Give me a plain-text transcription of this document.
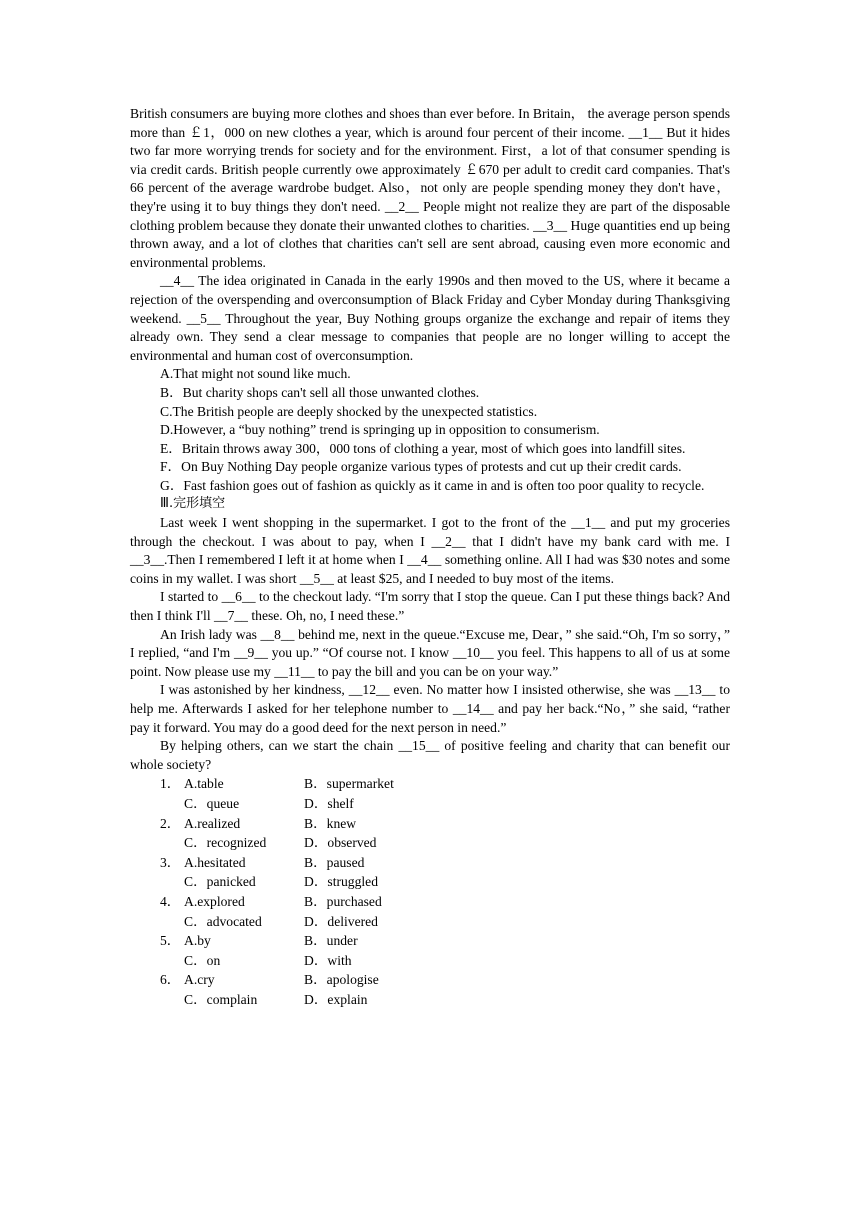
British consumers are buying more clothes and shoes than ever before. In Britain， the average person spends more than ￡1，000 on new clothes a year, which is around four percent of their income. __1__ But it hides two far more worrying trends for society and for the environment. First，a lot of that consumer spending is via credit cards. British people currently owe approximately ￡670 per adult to credit card companies. That's 66 percent of the average wardrobe budget. Also，not only are people spending money they don't have，they're using it to buy things they don't need. __2__ People might not realize they are part of the disposable clothing problem because they donate their unwanted clothes to charities. __3__ Huge quantities end up being thrown away, and a lot of clothes that charities can't sell are sent abroad, causing even more economic and environmental problems.

__4__ The idea originated in Canada in the early 1990s and then moved to the US, where it became a rejection of the overspending and overconsumption of Black Friday and Cyber Monday during Thanksgiving weekend. __5__ Throughout the year, Buy Nothing groups organize the exchange and repair of items they already own. They send a clear message to companies that people are no longer willing to accept the environmental and human cost of overconsumption.

A.That might not sound like much.

B．But charity shops can't sell all those unwanted clothes.

C.The British people are deeply shocked by the unexpected statistics.

D.However, a “buy nothing” trend is springing up in opposition to consumerism.

E．Britain throws away 300，000 tons of clothing a year, most of which goes into landfill sites.

F．On Buy Nothing Day people organize various types of protests and cut up their credit cards.

G．Fast fashion goes out of fashion as quickly as it came in and is often too poor quality to recycle.

Ⅲ.完形填空

Last week I went shopping in the supermarket. I got to the front of the __1__ and put my groceries through the checkout. I was about to pay, when I __2__ that I didn't have my bank card with me. I __3__.Then I remembered I left it at home when I __4__ something online. All I had was $30 notes and some coins in my wallet. I was short __5__ at least $25, and I needed to buy most of the items.

I started to __6__ to the checkout lady. “I'm sorry that I stop the queue. Can I put these things back? And then I think I'll __7__ these. Oh, no, I need these.”

An Irish lady was __8__ behind me, next in the queue.“Excuse me, Dear，” she said.“Oh, I'm so sorry，” I replied, “and I'm __9__ you up.” “Of course not. I know __10__ you feel. This happens to all of us at some point. Now please use my __11__ to pay the bill and you can be on your way.”

I was astonished by her kindness, __12__ even. No matter how I insisted otherwise, she was __13__ to help me. Afterwards I asked for her telephone number to __14__ and pay her back.“No，” she said, “rather pay it forward. You may do a good deed for the next person in need.”

By helping others, can we start the chain __15__ of positive feeling and charity that can benefit our whole society?

1． A.table	B．supermarket
C．queue	D．shelf
2． A.realized	B．knew
C．recognized	D．observed
3． A.hesitated	B．paused
C．panicked	D．struggled
4． A.explored	B．purchased
C．advocated	D．delivered
5． A.by	B．under
C．on	D．with
6． A.cry	B．apologise
C．complain	D．explain
